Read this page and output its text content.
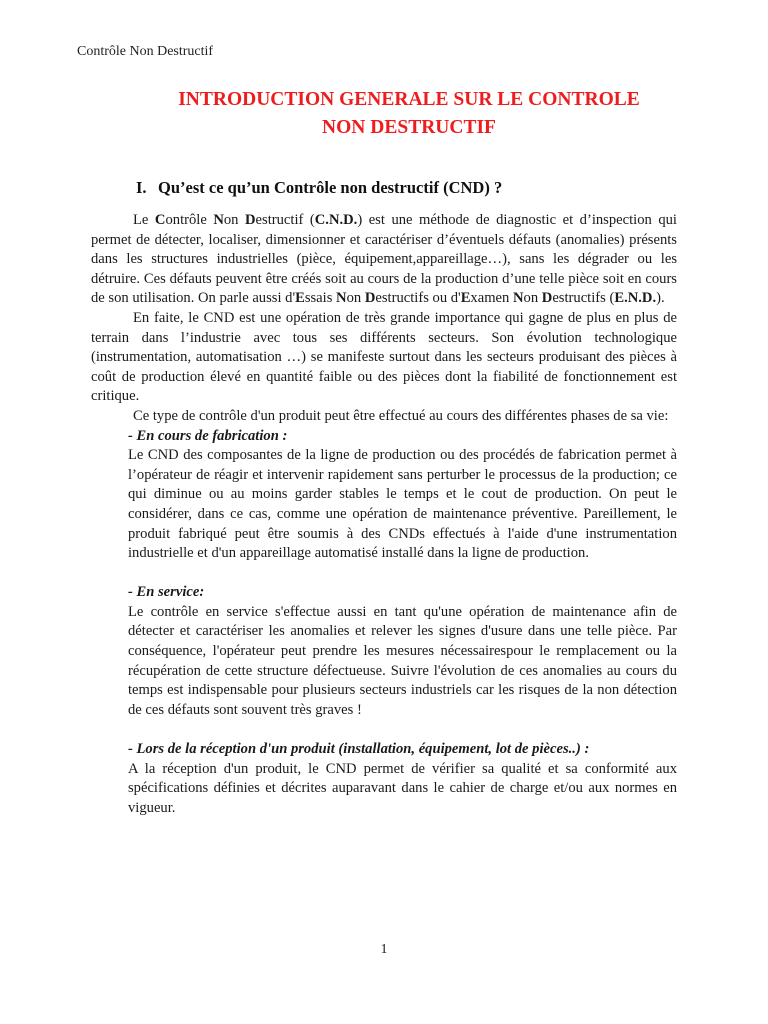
Contrôle Non Destructif
INTRODUCTION GENERALE SUR LE CONTROLE
NON DESTRUCTIF
I. Qu’est ce qu’un Contrôle non destructif (CND) ?

Le Contrôle Non Destructif (C.N.D.) est une méthode de diagnostic et d’inspection qui permet de détecter, localiser, dimensionner et caractériser d’éventuels défauts (anomalies) présents dans les structures industrielles (pièce, équipement,appareillage…), sans les dégrader ou les détruire. Ces défauts peuvent être créés soit au cours de la production d’une telle pièce soit en cours de son utilisation. On parle aussi d'Essais Non Destructifs ou d'Examen Non Destructifs (E.N.D.).

En faite, le CND est une opération de très grande importance qui gagne de plus en plus de terrain dans l’industrie avec tous ses différents secteurs. Son évolution technologique (instrumentation, automatisation …) se manifeste surtout dans les secteurs produisant des pièces à coût de production élevé en quantité faible ou des pièces dont la fiabilité de fonctionnement est critique.

Ce type de contrôle d'un produit peut être effectué au cours des différentes phases de sa vie:

- En cours de fabrication :

Le CND des composantes de la ligne de production ou des procédés de fabrication permet à l’opérateur de réagir et intervenir rapidement sans perturber le processus de la production; ce qui diminue ou au moins garder stables le temps et le cout de production. On peut le considérer, dans ce cas, comme une opération de maintenance préventive. Pareillement, le produit fabriqué peut être soumis à des CNDs effectués à l'aide d'une instrumentation industrielle et d'un appareillage automatisé installé dans la ligne de production.

- En service:

Le contrôle en service s'effectue aussi en tant qu'une opération de maintenance afin de détecter et caractériser les anomalies et relever les signes d'usure dans une telle pièce. Par conséquence, l'opérateur peut prendre les mesures nécessairespour le remplacement ou la récupération de cette structure défectueuse. Suivre l'évolution de ces anomalies au cours du temps est indispensable pour plusieurs secteurs industriels car les risques de la non détection de ces défauts sont souvent très graves !

- Lors de la réception d'un produit (installation, équipement, lot de pièces..) :

A la réception d'un produit, le CND permet de vérifier sa qualité et sa conformité aux spécifications définies et décrites auparavant dans le cahier de charge et/ou aux normes en vigueur.

1
